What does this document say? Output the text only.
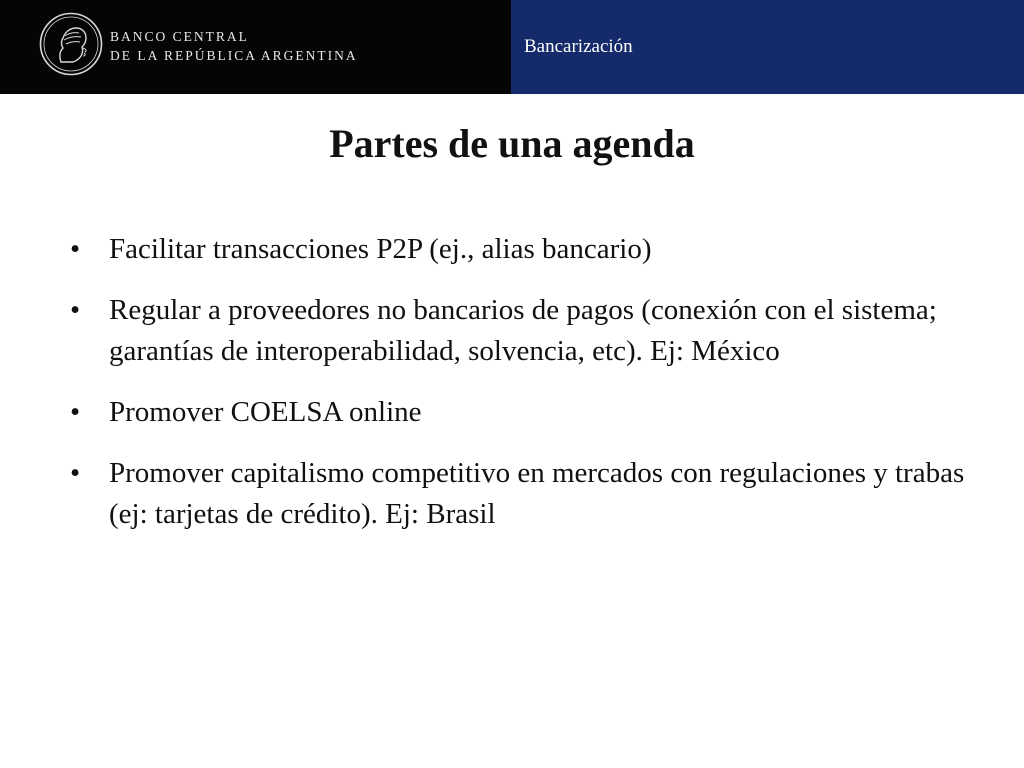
BANCO CENTRAL
DE LA REPÚBLICA ARGENTINA	Bancarización
Partes de una agenda
• Facilitar transacciones P2P (ej., alias bancario)
• Regular a proveedores no bancarios de pagos (conexión con el sistema; garantías de interoperabilidad, solvencia, etc). Ej: México
• Promover COELSA online
• Promover capitalismo competitivo en mercados con regulaciones y trabas (ej: tarjetas de crédito). Ej: Brasil
